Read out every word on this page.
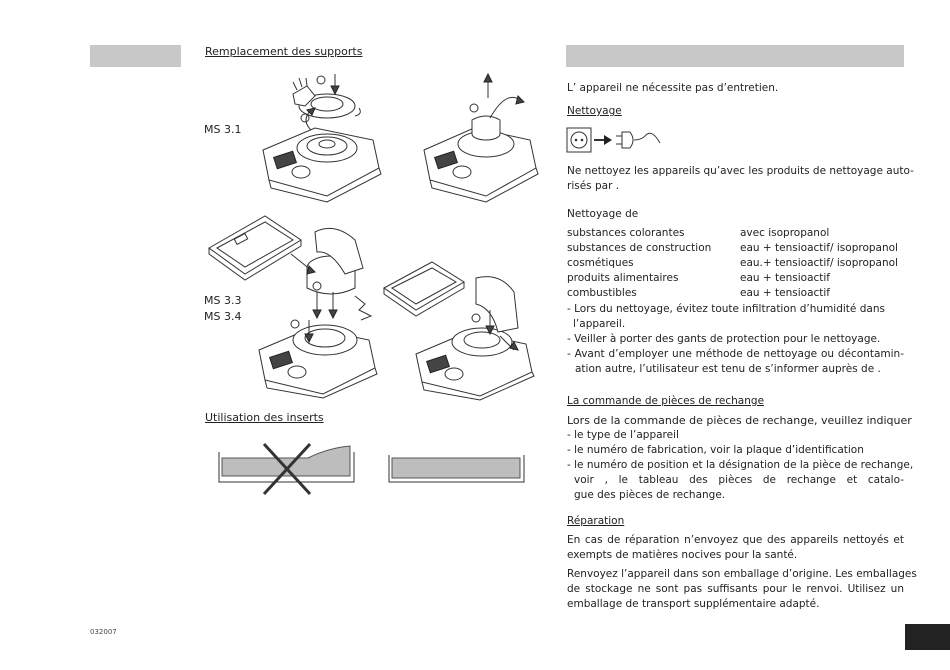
Remplacement des supports
MS 3.1
MS 3.3
MS 3.4
Utilisation des inserts
032007
L’ appareil ne nécessite pas d’entretien.
Nettoyage
Ne nettoyez les appareils qu’avec les produits de nettoyage auto-
risés par .
Nettoyage de
substances colorantes	avec isopropanol
substances de construction	eau + tensioactif/ isopropanol
cosmétiques	eau.+ tensioactif/ isopropanol
produits alimentaires	eau + tensioactif
combustibles	eau + tensioactif
- Lors du nettoyage, évitez toute infiltration d’humidité dans
l’appareil.
- Veiller à porter des gants de protection pour le nettoyage.
- Avant d’employer une méthode de nettoyage ou décontamin-
ation autre, l’utilisateur est tenu de s’informer auprès de .
La commande de pièces de rechange
Lors de la commande de pièces de rechange, veuillez indiquer
- le type de l’appareil
- le numéro de fabrication, voir la plaque d’identification
- le numéro de position et la désignation de la pièce de rechange,
voir , le tableau des pièces de rechange et catalo-
gue des pièces de rechange.
Réparation
En cas de réparation n’envoyez que des appareils nettoyés et
exempts de matières nocives pour la santé.
Renvoyez l’appareil dans son emballage d’origine. Les emballages
de stockage ne sont pas suffisants pour le renvoi. Utilisez un
emballage de transport supplémentaire adapté.
